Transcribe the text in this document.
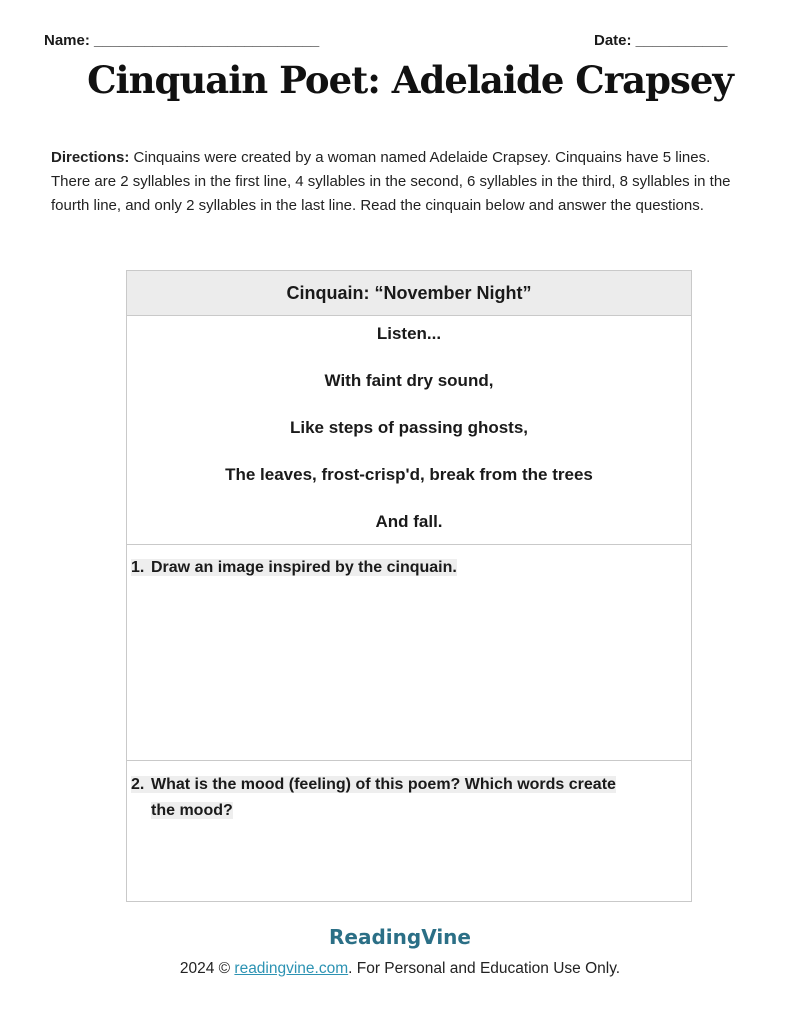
Name: ___________________________	Date: ___________
Cinquain Poet: Adelaide Crapsey
Directions: Cinquains were created by a woman named Adelaide Crapsey. Cinquains have 5 lines. There are 2 syllables in the first line, 4 syllables in the second, 6 syllables in the third, 8 syllables in the fourth line, and only 2 syllables in the last line. Read the cinquain below and answer the questions.
Cinquain: “November Night”
Listen...
With faint dry sound,
Like steps of passing ghosts,
The leaves, frost-crisp'd, break from the trees
And fall.
1. Draw an image inspired by the cinquain.
2. What is the mood (feeling) of this poem? Which words create
the mood?
ReadingVine
2024 © readingvine.com. For Personal and Education Use Only.
